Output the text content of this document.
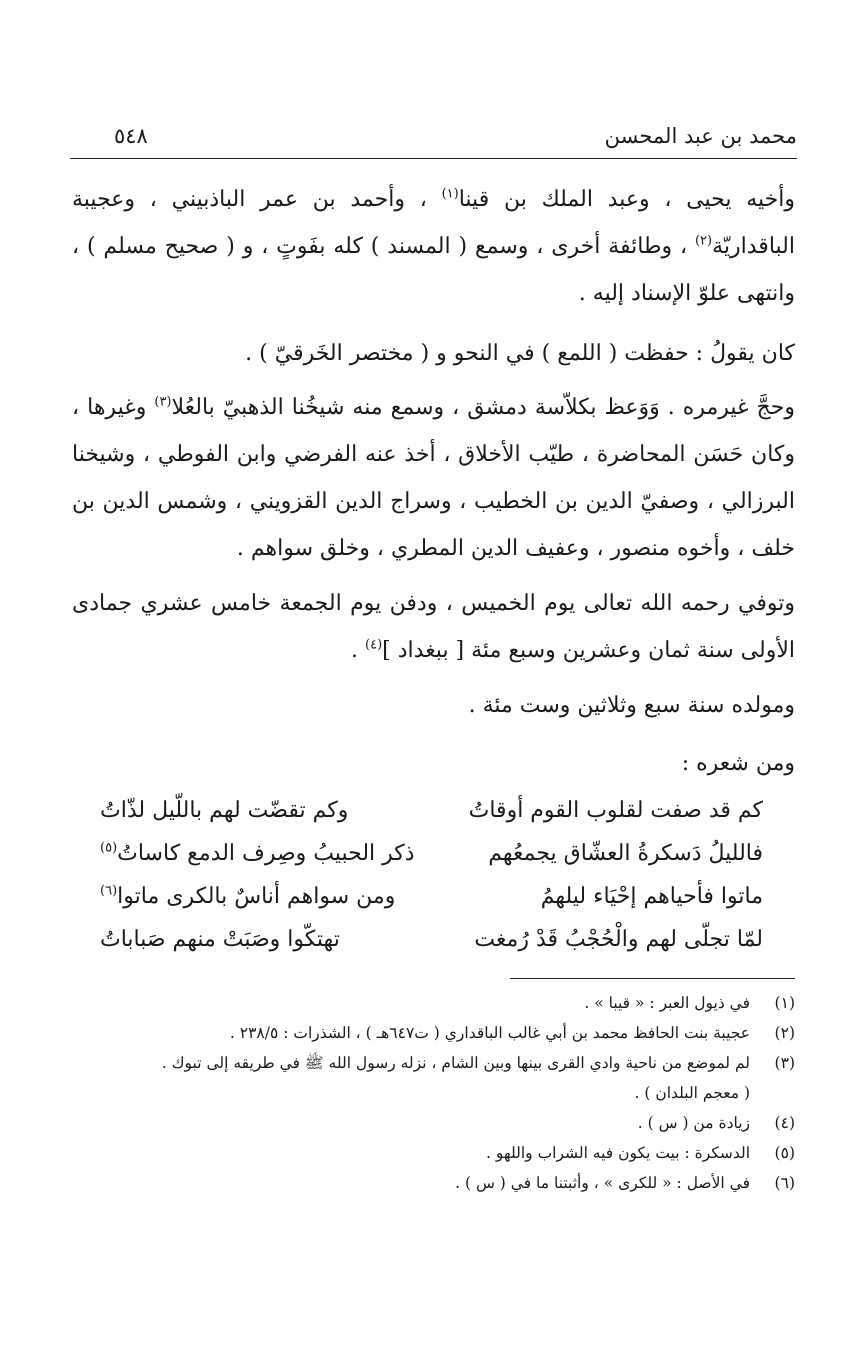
محمد بن عبد المحسن
٥٤٨
وأخيه يحيى ، وعبد الملك بن قينا$^{(١)}$ ، وأحمد بن عمر الباذبيني ، وعجيبة الباقداريّة$^{(٢)}$ ، وطائفة أخرى ، وسمع ( المسند ) كله بفَوتٍ ، و ( صحيح مسلم ) ، وانتهى علوّ الإسناد إليه .
كان يقولُ : حفظت ( اللمع ) في النحو و ( مختصر الخَرقيّ ) .
وحجَّ غيرمره . وَوَعظ بكلاّسة دمشق ، وسمع منه شيخُنا الذهبيّ بالعُلا$^{(٣)}$ وغيرها ، وكان حَسَن المحاضرة ، طيّب الأخلاق ، أخذ عنه الفرضي وابن الفوطي ، وشيخنا البرزالي ، وصفيّ الدين بن الخطيب ، وسراج الدين القزويني ، وشمس الدين بن خلف ، وأخوه منصور ، وعفيف الدين المطري ، وخلق سواهم .
وتوفي رحمه الله تعالى يوم الخميس ، ودفن يوم الجمعة خامس عشري جمادى الأولى سنة ثمان وعشرين وسبع مئة [ ببغداد ]$^{(٤)}$ .
ومولده سنة سبع وثلاثين وست مئة .
ومن شعره :
كم قد صفت لقلوب القوم أوقاتُ
وكم تقضّت لهم باللّيل لذّاتُ
فالليلُ دَسكرةُ العشّاق يجمعُهم
ذكر الحبيبُ وصِرف الدمع كاساتُ$^{(٥)}$
ماتوا فأحياهم إحْيَاء ليلهمُ
ومن سواهم أناسٌ بالكرى ماتوا$^{(٦)}$
لمّا تجلّى لهم والْحُجْبُ قَدْ رُمغت
تهتكّوا وصَبَتْ منهم صَباباتُ
(١)
في ذيول العبر : « قيبا » .
(٢)
عجيبة بنت الحافظ محمد بن أبي غالب الباقداري ( ت٦٤٧هـ ) ، الشذرات : ٢٣٨/٥ .
(٣)
لم لموضع من ناحية وادي القرى بينها وبين الشام ، نزله رسول الله ﷺ في طريقه إلى تبوك .
( معجم البلدان ) .
(٤)
زيادة من ( س ) .
(٥)
الدسكرة : بيت يكون فيه الشراب واللهو .
(٦)
في الأصل : « للكرى » ، وأثبتنا ما في ( س ) .
